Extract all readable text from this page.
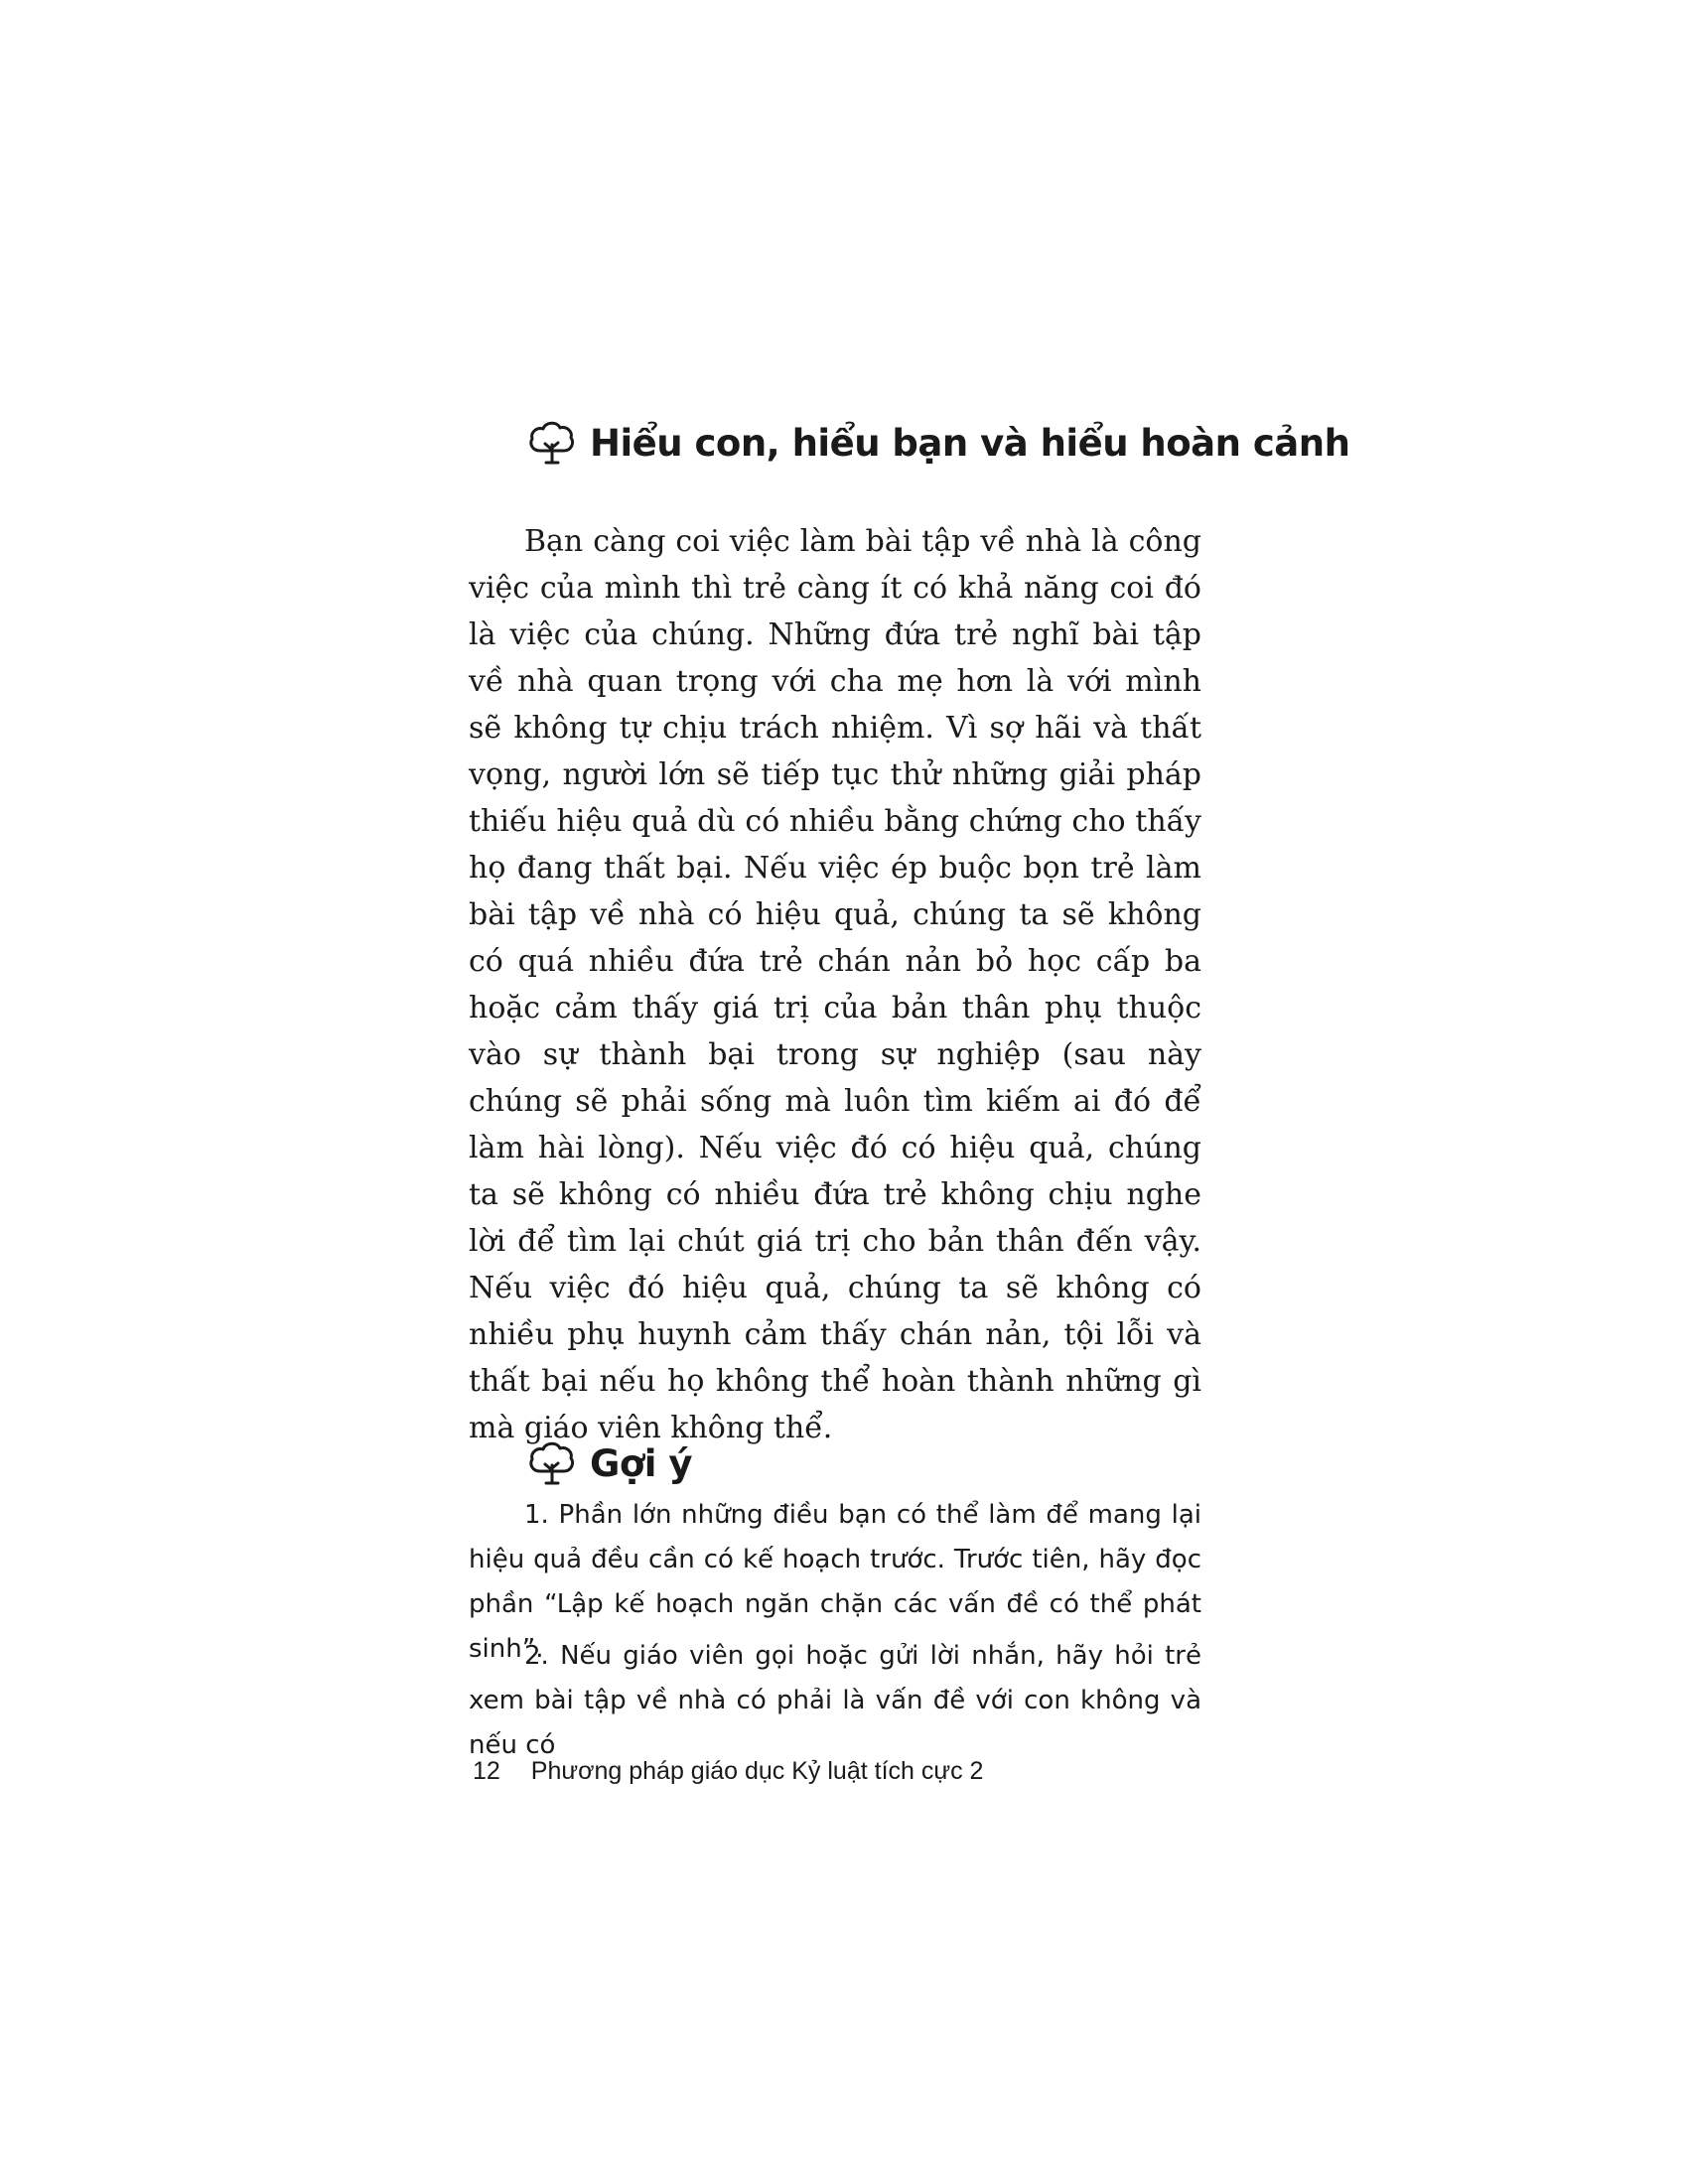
Hiểu con, hiểu bạn và hiểu hoàn cảnh

Bạn càng coi việc làm bài tập về nhà là công việc của mình thì trẻ càng ít có khả năng coi đó là việc của chúng. Những đứa trẻ nghĩ bài tập về nhà quan trọng với cha mẹ hơn là với mình sẽ không tự chịu trách nhiệm. Vì sợ hãi và thất vọng, người lớn sẽ tiếp tục thử những giải pháp thiếu hiệu quả dù có nhiều bằng chứng cho thấy họ đang thất bại. Nếu việc ép buộc bọn trẻ làm bài tập về nhà có hiệu quả, chúng ta sẽ không có quá nhiều đứa trẻ chán nản bỏ học cấp ba hoặc cảm thấy giá trị của bản thân phụ thuộc vào sự thành bại trong sự nghiệp (sau này chúng sẽ phải sống mà luôn tìm kiếm ai đó để làm hài lòng). Nếu việc đó có hiệu quả, chúng ta sẽ không có nhiều đứa trẻ không chịu nghe lời để tìm lại chút giá trị cho bản thân đến vậy. Nếu việc đó hiệu quả, chúng ta sẽ không có nhiều phụ huynh cảm thấy chán nản, tội lỗi và thất bại nếu họ không thể hoàn thành những gì mà giáo viên không thể.

Gợi ý

1. Phần lớn những điều bạn có thể làm để mang lại hiệu quả đều cần có kế hoạch trước. Trước tiên, hãy đọc phần “Lập kế hoạch ngăn chặn các vấn đề có thể phát sinh”.

2. Nếu giáo viên gọi hoặc gửi lời nhắn, hãy hỏi trẻ xem bài tập về nhà có phải là vấn đề với con không và nếu có

12 Phương pháp giáo dục Kỷ luật tích cực 2
